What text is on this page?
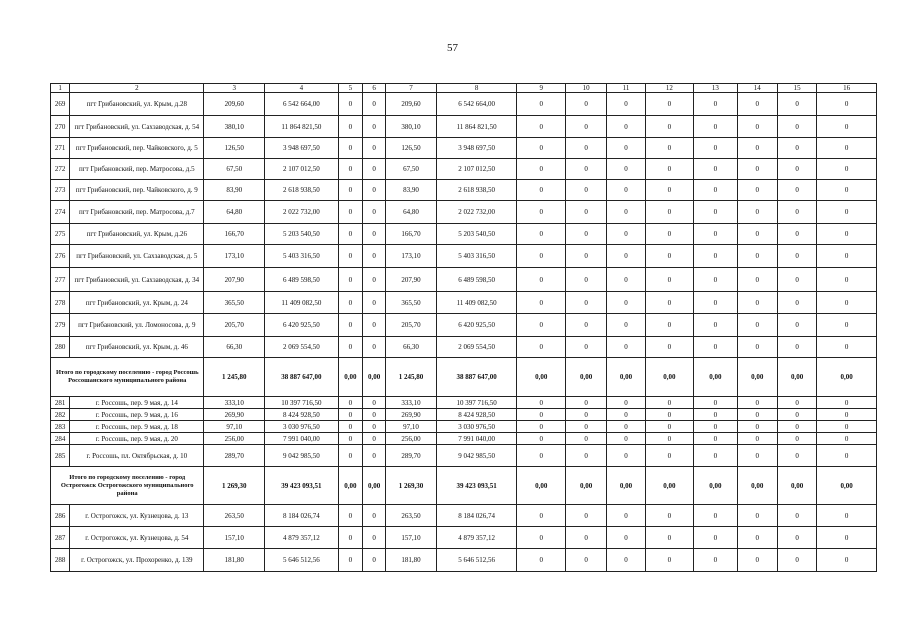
57
1	2	3	4	5	6	7	8	9	10	11	12	13	14	15	16
269	пгт Грибановский, ул. Крым, д.28	209,60	6 542 664,00	0	0	209,60	6 542 664,00	0	0	0	0	0	0	0	0
270	пгт Грибановский, ул. Сахзаводская, д. 54	380,10	11 864 821,50	0	0	380,10	11 864 821,50	0	0	0	0	0	0	0	0
271	пгт Грибановский, пер. Чайковского, д. 5	126,50	3 948 697,50	0	0	126,50	3 948 697,50	0	0	0	0	0	0	0	0
272	пгт Грибановский, пер. Матросова, д.5	67,50	2 107 012,50	0	0	67,50	2 107 012,50	0	0	0	0	0	0	0	0
273	пгт Грибановский, пер. Чайковского, д. 9	83,90	2 618 938,50	0	0	83,90	2 618 938,50	0	0	0	0	0	0	0	0
274	пгт Грибановский, пер. Матросова, д.7	64,80	2 022 732,00	0	0	64,80	2 022 732,00	0	0	0	0	0	0	0	0
275	пгт Грибановский, ул. Крым, д.26	166,70	5 203 540,50	0	0	166,70	5 203 540,50	0	0	0	0	0	0	0	0
276	пгт Грибановский, ул. Сахзаводская, д. 5	173,10	5 403 316,50	0	0	173,10	5 403 316,50	0	0	0	0	0	0	0	0
277	пгт Грибановский, ул. Сахзаводская, д. 34	207,90	6 489 598,50	0	0	207,90	6 489 598,50	0	0	0	0	0	0	0	0
278	пгт Грибановский, ул. Крым, д. 24	365,50	11 409 082,50	0	0	365,50	11 409 082,50	0	0	0	0	0	0	0	0
279	пгт Грибановский, ул. Ломоносова, д. 9	205,70	6 420 925,50	0	0	205,70	6 420 925,50	0	0	0	0	0	0	0	0
280	пгт Грибановский, ул. Крым, д. 46	66,30	2 069 554,50	0	0	66,30	2 069 554,50	0	0	0	0	0	0	0	0
Итого по городскому поселению - город Россошь Россошанского муниципального района		1 245,80	38 887 647,00	0,00	0,00	1 245,80	38 887 647,00	0,00	0,00	0,00	0,00	0,00	0,00	0,00	0,00
281	г. Россошь, пер. 9 мая, д. 14	333,10	10 397 716,50	0	0	333,10	10 397 716,50	0	0	0	0	0	0	0	0
282	г. Россошь, пер. 9 мая, д. 16	269,90	8 424 928,50	0	0	269,90	8 424 928,50	0	0	0	0	0	0	0	0
283	г. Россошь, пер. 9 мая, д. 18	97,10	3 030 976,50	0	0	97,10	3 030 976,50	0	0	0	0	0	0	0	0
284	г. Россошь, пер. 9 мая, д. 20	256,00	7 991 040,00	0	0	256,00	7 991 040,00	0	0	0	0	0	0	0	0
285	г. Россошь, пл. Октябрьская, д. 10	289,70	9 042 985,50	0	0	289,70	9 042 985,50	0	0	0	0	0	0	0	0
Итого по городскому поселению - город Острогожск Острогожского муниципального района		1 269,30	39 423 093,51	0,00	0,00	1 269,30	39 423 093,51	0,00	0,00	0,00	0,00	0,00	0,00	0,00	0,00
286	г. Острогожск, ул. Кузнецова, д. 13	263,50	8 184 026,74	0	0	263,50	8 184 026,74	0	0	0	0	0	0	0	0
287	г. Острогожск, ул. Кузнецова, д. 54	157,10	4 879 357,12	0	0	157,10	4 879 357,12	0	0	0	0	0	0	0	0
288	г. Острогожск, ул. Прохоренко, д. 139	181,80	5 646 512,56	0	0	181,80	5 646 512,56	0	0	0	0	0	0	0	0
